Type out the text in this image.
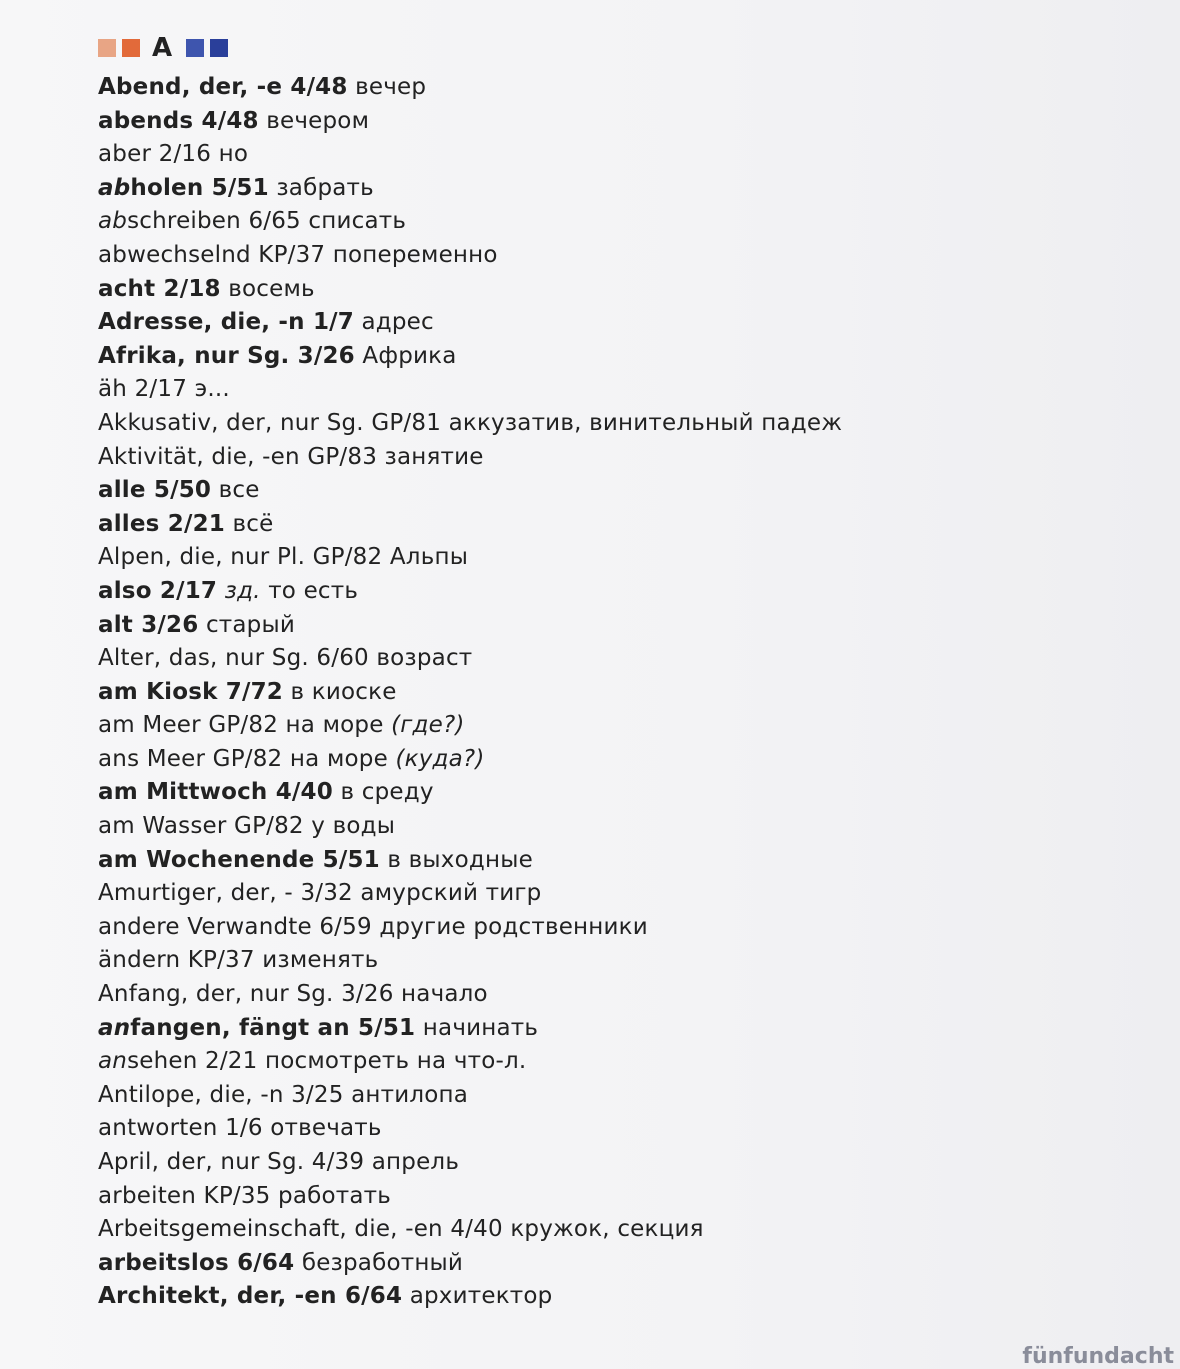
A
Abend, der, -e 4/48 вечер
abends 4/48 вечером
aber 2/16 но
abholen 5/51 забрать
abschreiben 6/65 списать
abwechselnd KP/37 попеременно
acht 2/18 восемь
Adresse, die, -n 1/7 адрес
Afrika, nur Sg. 3/26 Африка
äh 2/17 э...
Akkusativ, der, nur Sg. GP/81 аккузатив, винительный падеж
Aktivität, die, -en GP/83 занятие
alle 5/50 все
alles 2/21 всё
Alpen, die, nur Pl. GP/82 Альпы
also 2/17 зд. то есть
alt 3/26 старый
Alter, das, nur Sg. 6/60 возраст
am Kiosk 7/72 в киоске
am Meer GP/82 на море (где?)
ans Meer GP/82 на море (куда?)
am Mittwoch 4/40 в среду
am Wasser GP/82 у воды
am Wochenende 5/51 в выходные
Amurtiger, der, - 3/32 амурский тигр
andere Verwandte 6/59 другие родственники
ändern KP/37 изменять
Anfang, der, nur Sg. 3/26 начало
anfangen, fängt an 5/51 начинать
ansehen 2/21 посмотреть на что-л.
Antilope, die, -n 3/25 антилопа
antworten 1/6 отвечать
April, der, nur Sg. 4/39 апрель
arbeiten KP/35 работать
Arbeitsgemeinschaft, die, -en 4/40 кружок, секция
arbeitslos 6/64 безработный
Architekt, der, -en 6/64 архитектор
fünfundacht
